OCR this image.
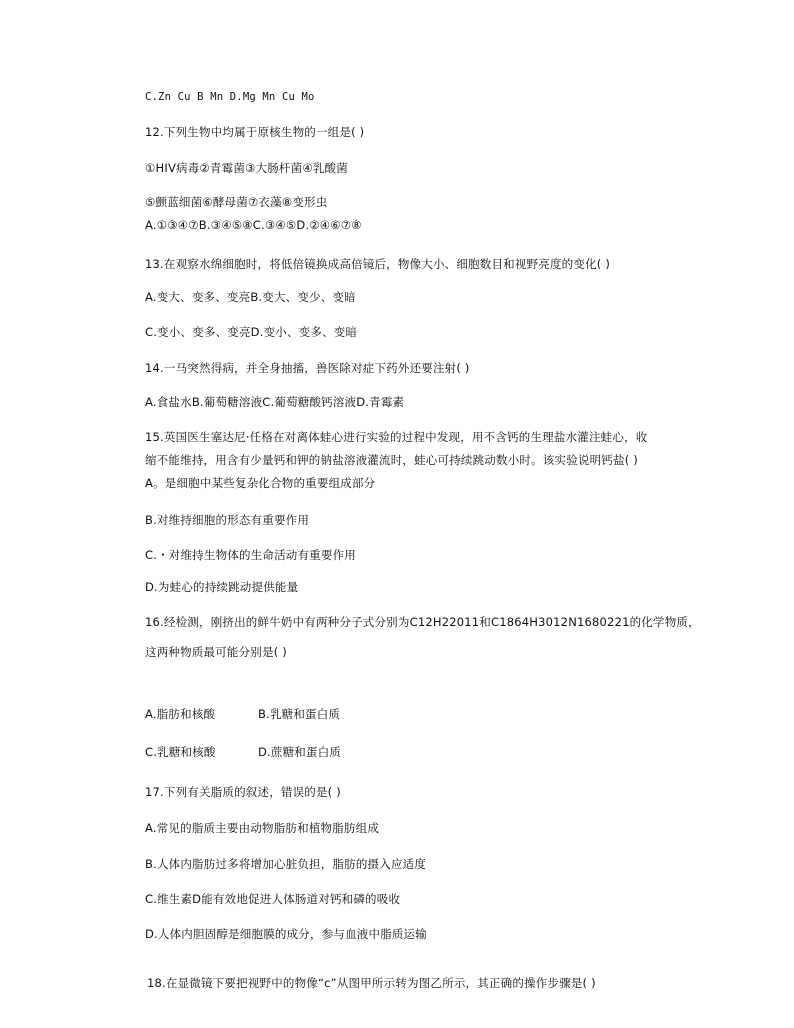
C.Zn Cu B Mn D.Mg Mn Cu Mo
12.下列生物中均属于原核生物的一组是( )
①HIV病毒②青霉菌③大肠杆菌④乳酸菌
⑤颤蓝细菌⑥酵母菌⑦衣藻⑧变形虫
A.①③④⑦B.③④⑤⑧C.③④⑤D.②④⑥⑦⑧
13.在观察水绵细胞时，将低倍镜换成高倍镜后，物像大小、细胞数目和视野亮度的变化( )
A.变大、变多、变亮B.变大、变少、变暗
C.变小、变多、变亮D.变小、变多、变暗
14.一马突然得病，并全身抽搐，兽医除对症下药外还要注射( )
A.食盐水B.葡萄糖溶液C.葡萄糖酸钙溶液D.青霉素
15.英国医生塞达尼·任格在对离体蛙心进行实验的过程中发现，用不含钙的生理盐水灌注蛙心，收
缩不能维持，用含有少量钙和钾的钠盐溶液灌流时，蛙心可持续跳动数小时。该实验说明钙盐( )
A。是细胞中某些复杂化合物的重要组成部分
B.对维持细胞的形态有重要作用
C.・对维持生物体的生命活动有重要作用
D.为蛙心的持续跳动提供能量
16.经检测，刚挤出的鲜牛奶中有两种分子式分别为C12H22011和C1864H3012N1680221的化学物质，
这两种物质最可能分别是( )
A.脂肪和核酸	B.乳糖和蛋白质
C.乳糖和核酸	D.蔗糖和蛋白质
17.下列有关脂质的叙述，错误的是( )
A.常见的脂质主要由动物脂肪和植物脂肪组成
B.人体内脂肪过多将增加心脏负担，脂肪的摄入应适度
C.维生素D能有效地促进人体肠道对钙和磷的吸收
D.人体内胆固醇是细胞膜的成分，参与血液中脂质运输
18.在显微镜下要把视野中的物像“c”从图甲所示转为图乙所示，其正确的操作步骤是( )
